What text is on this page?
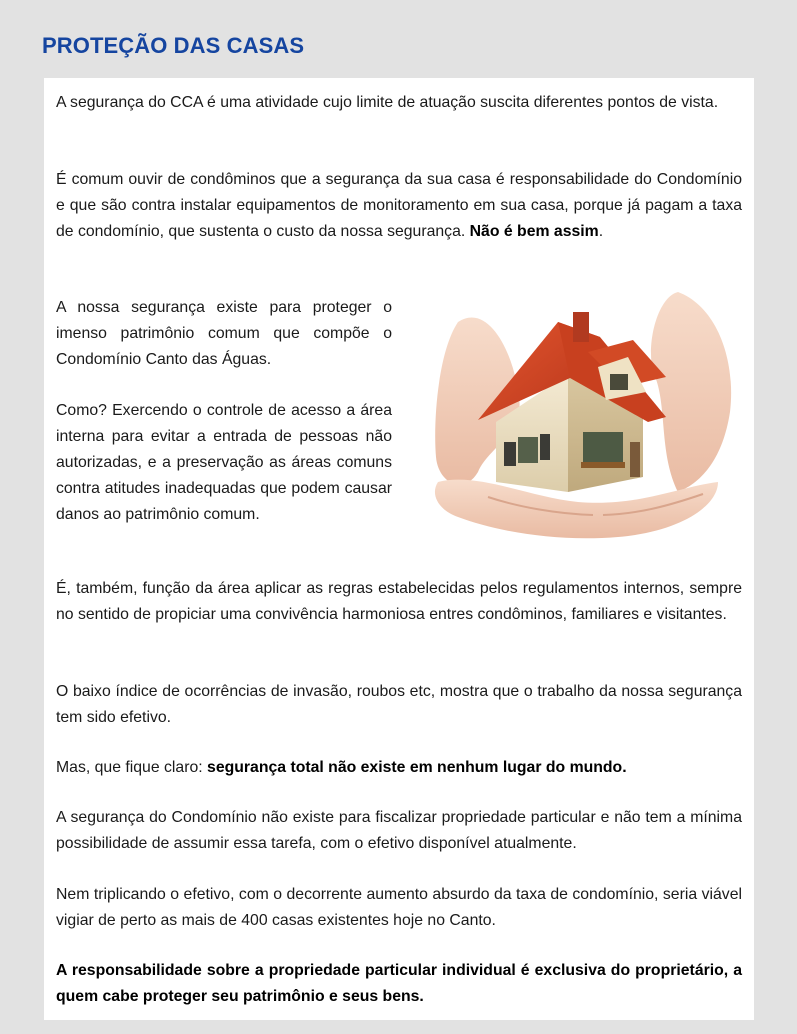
PROTEÇÃO DAS CASAS

A segurança do CCA é uma atividade cujo limite de atuação suscita diferentes pontos de vista.

É comum ouvir de condôminos que a segurança da sua casa é responsabilidade do Condomínio e que são contra instalar equipamentos de monitoramento em sua casa, porque já pagam a taxa de condomínio, que sustenta o custo da nossa segurança. Não é bem assim.

A nossa segurança existe para proteger o imenso patrimônio comum que compõe o Condomínio Canto das Águas.

Como? Exercendo o controle de acesso a área interna para evitar a entrada de pessoas não autorizadas, e a preservação as áreas comuns contra atitudes inadequadas que podem causar danos ao patrimônio comum.

É, também, função da área aplicar as regras estabelecidas pelos regulamentos internos, sempre no sentido de propiciar uma convivência harmoniosa entres condôminos, familiares e visitantes.

O baixo índice de ocorrências de invasão, roubos etc, mostra que o trabalho da nossa segurança tem sido efetivo.

Mas, que fique claro: segurança total não existe em nenhum lugar do mundo.

A segurança do Condomínio não existe para fiscalizar propriedade particular e não tem a mínima possibilidade de assumir essa tarefa, com o efetivo disponível atualmente.

Nem triplicando o efetivo, com o decorrente aumento absurdo da taxa de condomínio, seria viável vigiar de perto as mais de 400 casas existentes hoje no Canto.

A responsabilidade sobre a propriedade particular individual é exclusiva do proprietário, a quem cabe proteger seu patrimônio e seus bens.
